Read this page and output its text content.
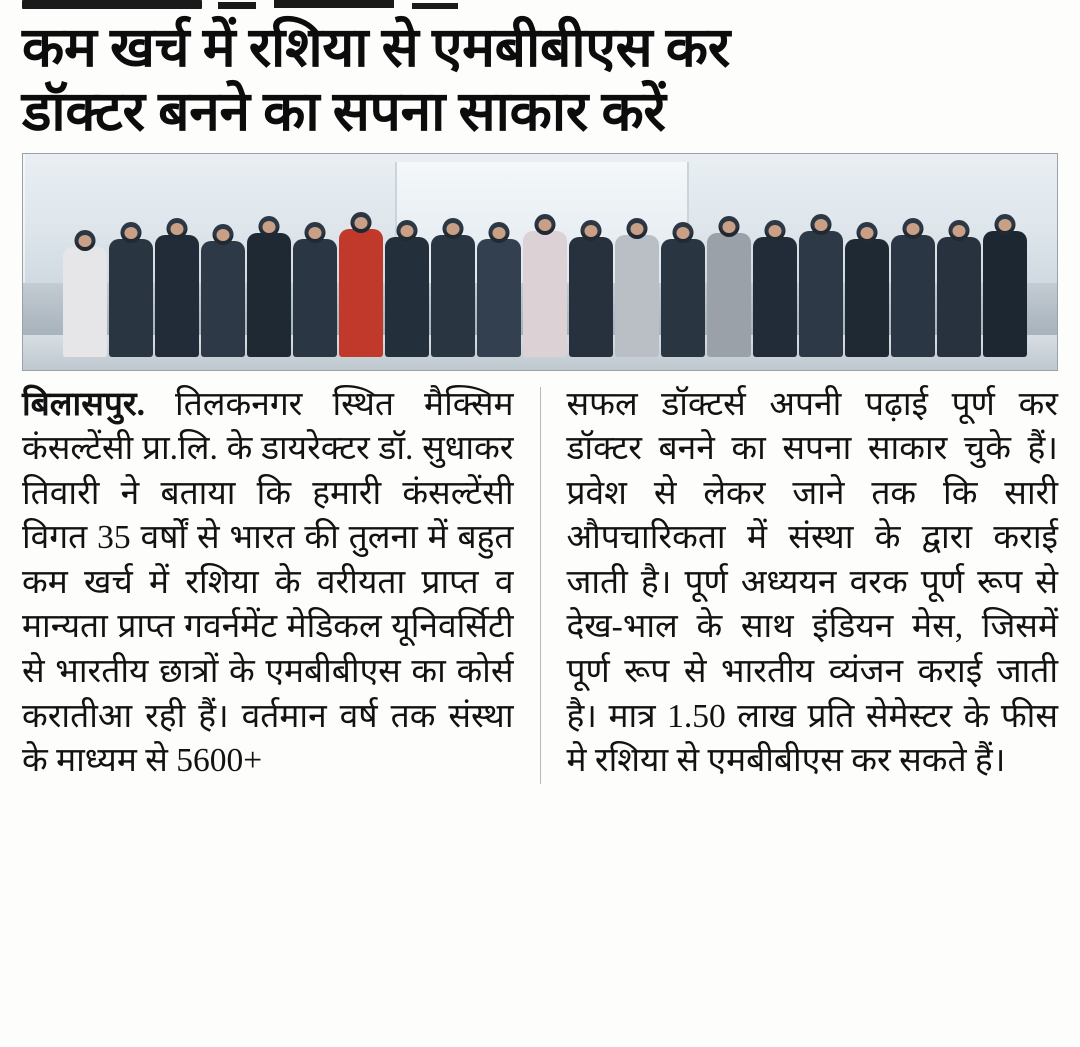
कम खर्च में रशिया से एमबीबीएस कर
डॉक्टर बनने का सपना साकार करें

बिलासपुर. तिलकनगर स्थित मैक्सिम कंसल्टेंसी प्रा.लि. के डायरेक्टर डॉ. सुधाकर तिवारी ने बताया कि हमारी कंसल्टेंसी विगत 35 वर्षों से भारत की तुलना में बहुत कम खर्च में रशिया के वरीयता प्राप्त व मान्यता प्राप्त गवर्नमेंट मेडिकल यूनिवर्सिटी से भारतीय छात्रों के एमबीबीएस का कोर्स करातीआ रही हैं। वर्तमान वर्ष तक संस्था के माध्यम से 5600+

सफल डॉक्टर्स अपनी पढ़ाई पूर्ण कर डॉक्टर बनने का सपना साकार चुके हैं। प्रवेश से लेकर जाने तक कि सारी औपचारिकता में संस्था के द्वारा कराई जाती है। पूर्ण अध्ययन वरक पूर्ण रूप से देख-भाल के साथ इंडियन मेस, जिसमें पूर्ण रूप से भारतीय व्यंजन कराई जाती है। मात्र 1.50 लाख प्रति सेमेस्टर के फीस मे रशिया से एमबीबीएस कर सकते हैं।
